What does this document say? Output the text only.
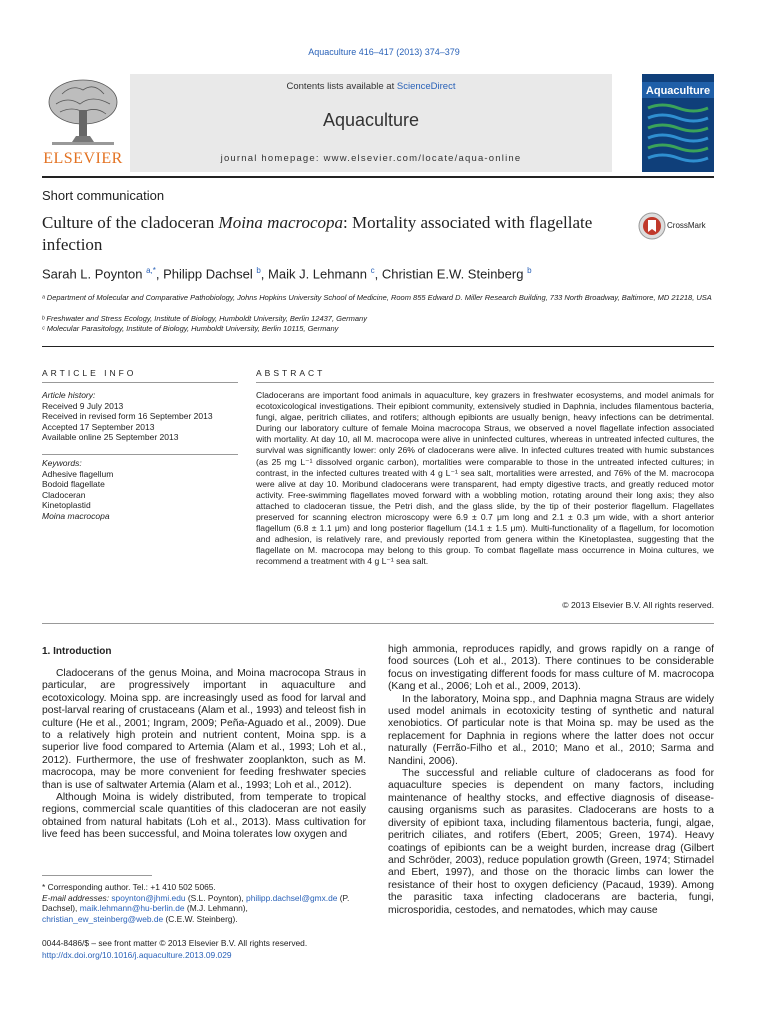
Aquaculture 416–417 (2013) 374–379
ELSEVIER
Contents lists available at ScienceDirect
Aquaculture
journal homepage: www.elsevier.com/locate/aqua-online
Aquaculture
Short communication
Culture of the cladoceran Moina macrocopa: Mortality associated with flagellate infection
CrossMark
Sarah L. Poynton $^{a,*}$, Philipp Dachsel $^b$, Maik J. Lehmann $^c$, Christian E.W. Steinberg $^b$
ᵃ Department of Molecular and Comparative Pathobiology, Johns Hopkins University School of Medicine, Room 855 Edward D. Miller Research Building, 733 North Broadway, Baltimore, MD 21218, USA
ᵇ Freshwater and Stress Ecology, Institute of Biology, Humboldt University, Berlin 12437, Germany
ᶜ Molecular Parasitology, Institute of Biology, Humboldt University, Berlin 10115, Germany
ARTICLE INFO
Article history:
Received 9 July 2013
Received in revised form 16 September 2013
Accepted 17 September 2013
Available online 25 September 2013
Keywords:
Adhesive flagellum
Bodoid flagellate
Cladoceran
Kinetoplastid
Moina macrocopa
ABSTRACT
Cladocerans are important food animals in aquaculture, key grazers in freshwater ecosystems, and model animals for ecotoxicological investigations. Their epibiont community, extensively studied in Daphnia, includes filamentous bacteria, fungi, algae, peritrich ciliates, and rotifers; although epibionts are usually benign, heavy infections can be detrimental. During our laboratory culture of female Moina macrocopa Straus, we observed a novel flagellate infection associated with mortality. At day 10, all M. macrocopa were alive in uninfected cultures, whereas in untreated infected cultures, the survival was significantly lower: only 26% of cladocerans were alive. In infected cultures treated with humic substances (as 25 mg L⁻¹ dissolved organic carbon), mortalities were comparable to those in the untreated infected cultures; in contrast, in the infected cultures treated with 4 g L⁻¹ sea salt, mortalities were arrested, and 76% of the M. macrocopa were alive at day 10. Moribund cladocerans were transparent, had empty digestive tracts, and greatly reduced motor activity. Free-swimming flagellates moved forward with a wobbling motion, rotating around their long axis; they also attached to cladoceran tissue, the Petri dish, and the glass slide, by the tip of their posterior flagellum. Flagellates preserved for scanning electron microscopy were 6.9 ± 0.7 μm long and 2.1 ± 0.3 μm wide, with a short anterior flagellum (6.8 ± 1.1 μm) and long posterior flagellum (14.1 ± 1.5 μm). Multi-functionality of a flagellum, for locomotion and adhesion, is relatively rare, and previously reported from genera within the Kinetoplastea, suggesting that the flagellate on M. macrocopa may belong to this group. To combat flagellate mass occurrence in Moina cultures, we recommend a treatment with 4 g L⁻¹ sea salt.
© 2013 Elsevier B.V. All rights reserved.
1. Introduction

Cladocerans of the genus Moina, and Moina macrocopa Straus in particular, are progressively important in aquaculture and ecotoxicology. Moina spp. are increasingly used as food for larval and post-larval rearing of crustaceans (Alam et al., 1993) and teleost fish in culture (He et al., 2001; Ingram, 2009; Peña-Aguado et al., 2009). Due to a relatively high protein and nutrient content, Moina spp. is a superior live food compared to Artemia (Alam et al., 1993; Loh et al., 2012). Furthermore, the use of freshwater zooplankton, such as M. macrocopa, may be more convenient for feeding freshwater species than is use of saltwater Artemia (Alam et al., 1993; Loh et al., 2012).

Although Moina is widely distributed, from temperate to tropical regions, commercial scale quantities of this cladoceran are not easily obtained from natural habitats (Loh et al., 2013). Mass cultivation for live feed has been successful, and Moina tolerates low oxygen and

high ammonia, reproduces rapidly, and grows rapidly on a range of food sources (Loh et al., 2013). There continues to be considerable focus on investigating different foods for mass culture of M. macrocopa (Kang et al., 2006; Loh et al., 2009, 2013).

In the laboratory, Moina spp., and Daphnia magna Straus are widely used model animals in ecotoxicity testing of synthetic and natural xenobiotics. Of particular note is that Moina sp. may be used as the replacement for Daphnia in regions where the latter does not occur naturally (Ferrão-Filho et al., 2010; Mano et al., 2010; Sarma and Nandini, 2006).

The successful and reliable culture of cladocerans as food for aquaculture species is dependent on many factors, including maintenance of healthy stocks, and effective diagnosis of disease-causing organisms such as parasites. Cladocerans are hosts to a diversity of epibiont taxa, including filamentous bacteria, fungi, algae, peritrich ciliates, and rotifers (Ebert, 2005; Green, 1974). Heavy coatings of epibionts can be a weight burden, increase drag (Gilbert and Schröder, 2003), reduce population growth (Green, 1974; Stirnadel and Ebert, 1997), and those on the thoracic limbs can lower the resistance of their host to oxygen deficiency (Pacaud, 1939). Among the parasitic taxa infecting cladocerans are bacteria, fungi, microsporidia, cestodes, and nematodes, which may cause

* Corresponding author. Tel.: +1 410 502 5065.
E-mail addresses: spoynton@jhmi.edu (S.L. Poynton), philipp.dachsel@gmx.de (P. Dachsel), maik.lehmann@hu-berlin.de (M.J. Lehmann), christian_ew_steinberg@web.de (C.E.W. Steinberg).
0044-8486/$ – see front matter © 2013 Elsevier B.V. All rights reserved.
http://dx.doi.org/10.1016/j.aquaculture.2013.09.029
